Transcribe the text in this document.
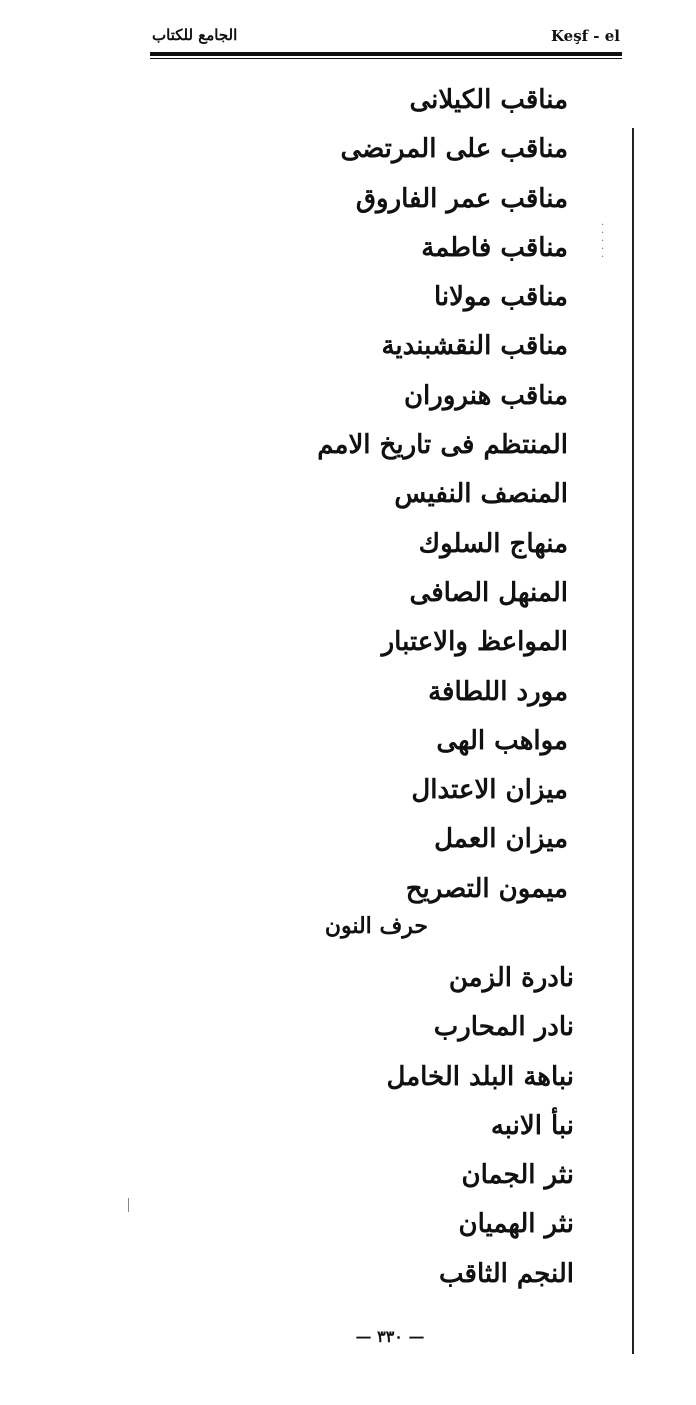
الجامع للكتاب	Keşf - el
·
·
·
·
·
مناقب الكيلانى
مناقب على المرتضى
مناقب عمر الفاروق
مناقب فاطمة
مناقب مولانا
مناقب النقشبندية
مناقب هنروران
المنتظم فى تاريخ الامم
المنصف النفيس
منهاج السلوك
المنهل الصافى
المواعظ والاعتبار
مورد اللطافة
مواهب الهى
ميزان الاعتدال
ميزان العمل
ميمون التصريح
حرف النون
نادرة الزمن
نادر المحارب
نباهة البلد الخامل
نبأ الانبه
نثر الجمان
نثر الهميان
النجم الثاقب
— ٣٣٠ —
